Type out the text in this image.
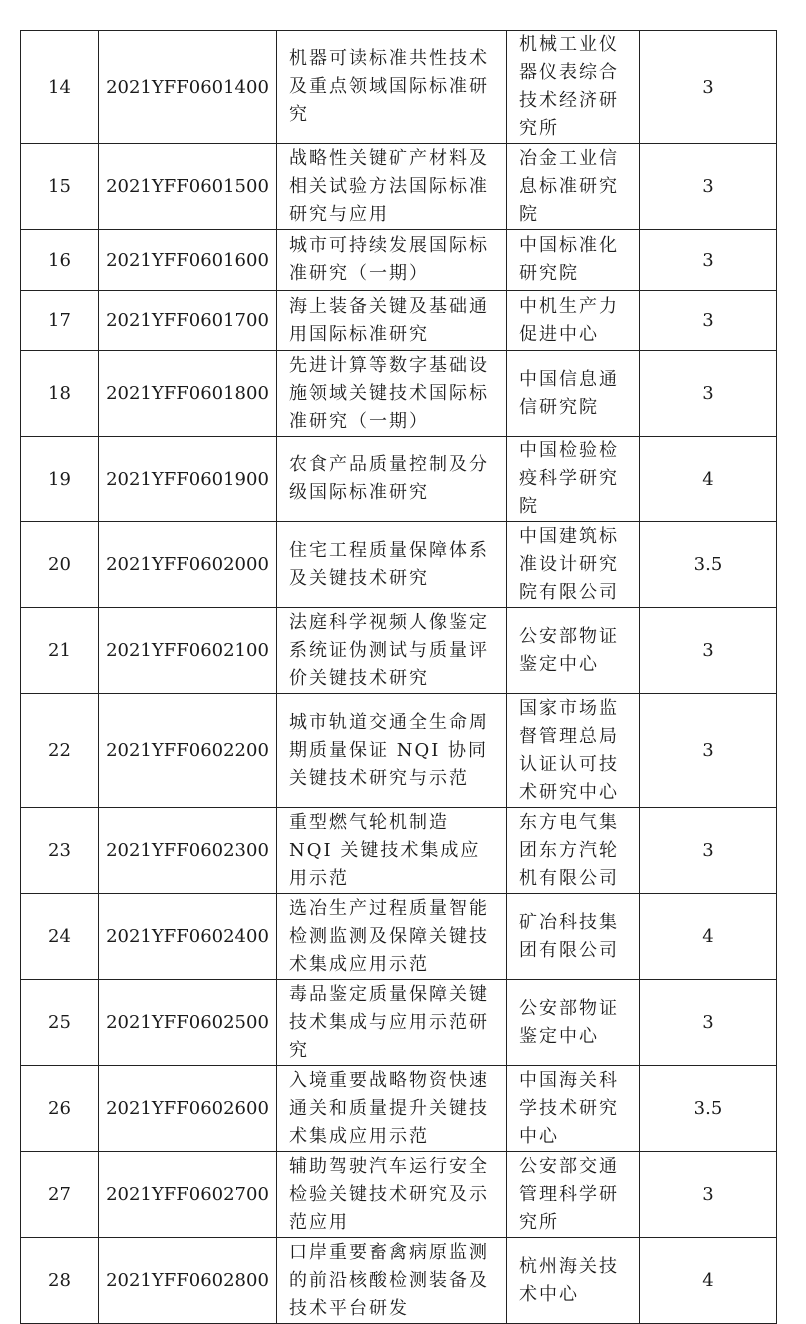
14	2021YFF0601400	机器可读标准共性技术及重点领域国际标准研究	机械工业仪器仪表综合技术经济研究所	3
15	2021YFF0601500	战略性关键矿产材料及相关试验方法国际标准研究与应用	冶金工业信息标准研究院	3
16	2021YFF0601600	城市可持续发展国际标准研究（一期）	中国标准化研究院	3
17	2021YFF0601700	海上装备关键及基础通用国际标准研究	中机生产力促进中心	3
18	2021YFF0601800	先进计算等数字基础设施领域关键技术国际标准研究（一期）	中国信息通信研究院	3
19	2021YFF0601900	农食产品质量控制及分级国际标准研究	中国检验检疫科学研究院	4
20	2021YFF0602000	住宅工程质量保障体系及关键技术研究	中国建筑标准设计研究院有限公司	3.5
21	2021YFF0602100	法庭科学视频人像鉴定系统证伪测试与质量评价关键技术研究	公安部物证鉴定中心	3
22	2021YFF0602200	城市轨道交通全生命周期质量保证 NQI 协同关键技术研究与示范	国家市场监督管理总局认证认可技术研究中心	3
23	2021YFF0602300	重型燃气轮机制造 NQI 关键技术集成应用示范	东方电气集团东方汽轮机有限公司	3
24	2021YFF0602400	选冶生产过程质量智能检测监测及保障关键技术集成应用示范	矿冶科技集团有限公司	4
25	2021YFF0602500	毒品鉴定质量保障关键技术集成与应用示范研究	公安部物证鉴定中心	3
26	2021YFF0602600	入境重要战略物资快速通关和质量提升关键技术集成应用示范	中国海关科学技术研究中心	3.5
27	2021YFF0602700	辅助驾驶汽车运行安全检验关键技术研究及示范应用	公安部交通管理科学研究所	3
28	2021YFF0602800	口岸重要畜禽病原监测的前沿核酸检测装备及技术平台研发	杭州海关技术中心	4
